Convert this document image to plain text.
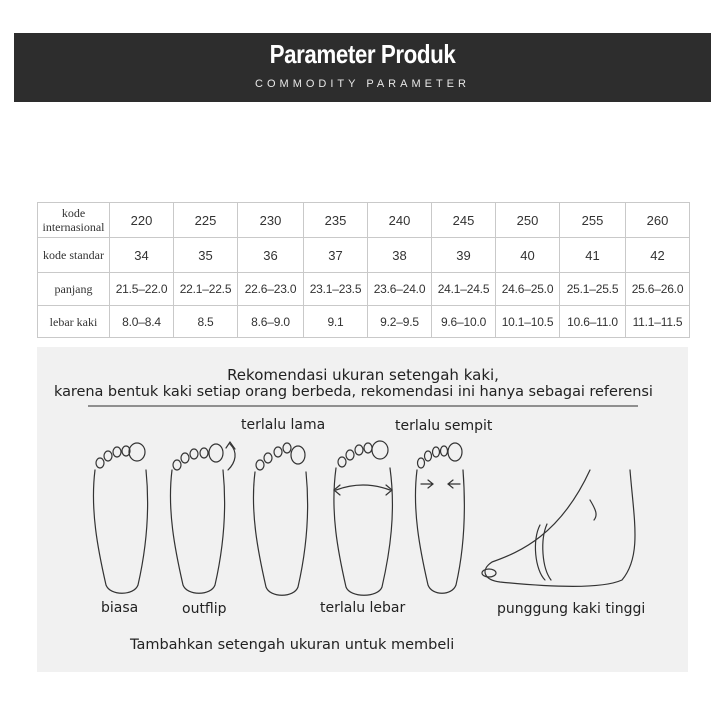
Parameter Produk
COMMODITY PARAMETER
kode internasional	220	225	230	235	240	245	250	255	260
kode standar	34	35	36	37	38	39	40	41	42
panjang	21.5–22.0	22.1–22.5	22.6–23.0	23.1–23.5	23.6–24.0	24.1–24.5	24.6–25.0	25.1–25.5	25.6–26.0
lebar kaki	8.0–8.4	8.5	8.6–9.0	9.1	9.2–9.5	9.6–10.0	10.1–10.5	10.6–11.0	11.1–11.5
Rekomendasi ukuran setengah kaki,
karena bentuk kaki setiap orang berbeda, rekomendasi ini hanya sebagai referensi
terlalu lama	terlalu sempit
biasa	outflip	terlalu lebar	punggung kaki tinggi
Tambahkan setengah ukuran untuk membeli
